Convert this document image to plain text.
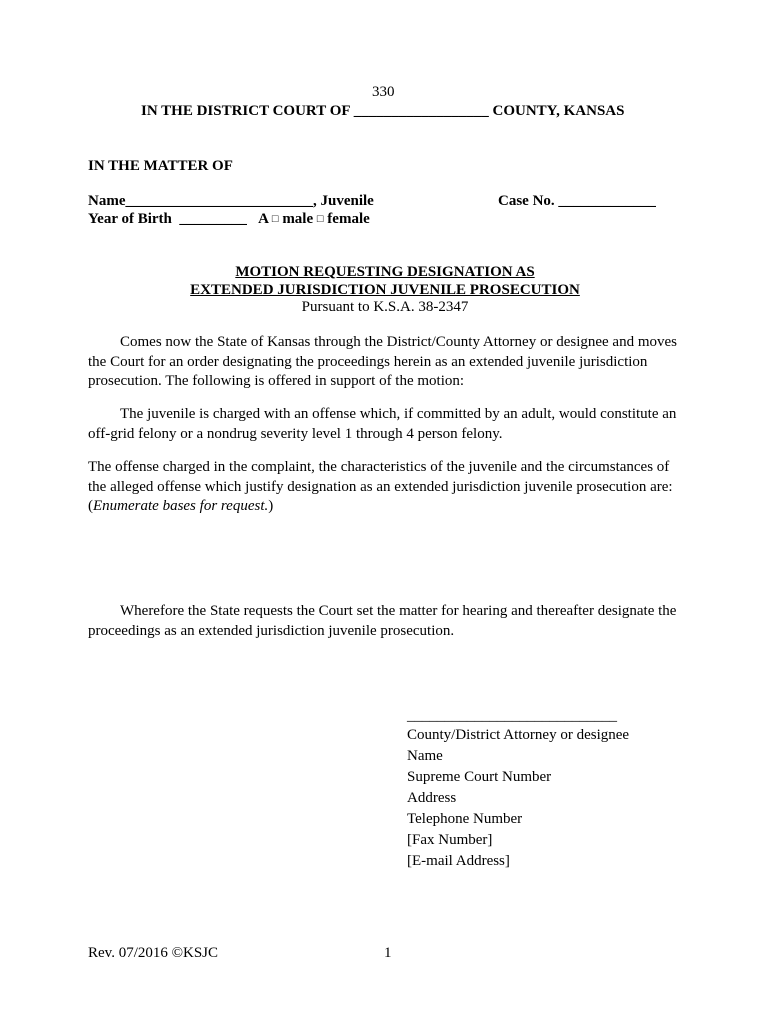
330
IN THE DISTRICT COURT OF __________________ COUNTY, KANSAS
IN THE MATTER OF
Name_________________________, Juvenile	Case No. _____________
Year of Birth _________ A □ male □ female
MOTION REQUESTING DESIGNATION AS
EXTENDED JURISDICTION JUVENILE PROSECUTION
Pursuant to K.S.A. 38-2347
Comes now the State of Kansas through the District/County Attorney or designee and moves the Court for an order designating the proceedings herein as an extended juvenile jurisdiction prosecution. The following is offered in support of the motion:
The juvenile is charged with an offense which, if committed by an adult, would constitute an off-grid felony or a nondrug severity level 1 through 4 person felony.
The offense charged in the complaint, the characteristics of the juvenile and the circumstances of the alleged offense which justify designation as an extended jurisdiction juvenile prosecution are: (Enumerate bases for request.)
Wherefore the State requests the Court set the matter for hearing and thereafter designate the proceedings as an extended jurisdiction juvenile prosecution.
____________________________
County/District Attorney or designee
Name
Supreme Court Number
Address
Telephone Number
[Fax Number]
[E-mail Address]
Rev. 07/2016 ©KSJC	1
